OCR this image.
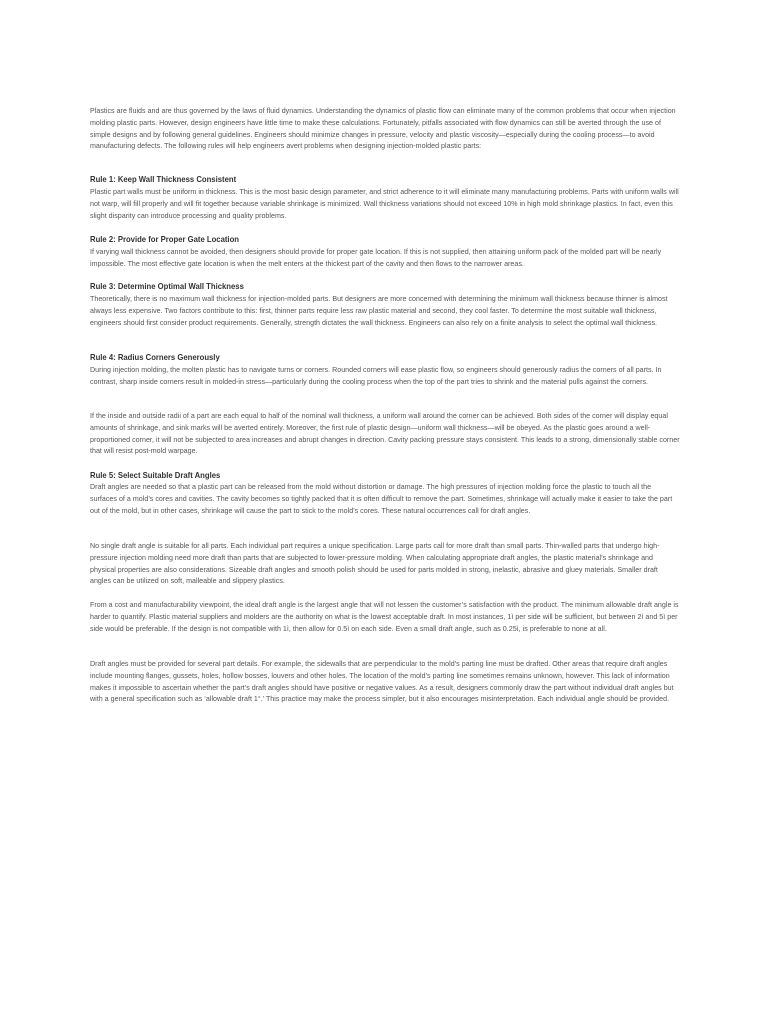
Plastics are fluids and are thus governed by the laws of fluid dynamics. Understanding the dynamics of plastic flow can eliminate many of the common problems that occur when injection molding plastic parts. However, design engineers have little time to make these calculations. Fortunately, pitfalls associated with flow dynamics can still be averted through the use of simple designs and by following general guidelines. Engineers should minimize changes in pressure, velocity and plastic viscosity—especially during the cooling process—to avoid manufacturing defects. The following rules will help engineers avert problems when designing injection-molded plastic parts:

Rule 1: Keep Wall Thickness Consistent

Plastic part walls must be uniform in thickness. This is the most basic design parameter, and strict adherence to it will eliminate many manufacturing problems. Parts with uniform walls will not warp, will fill properly and will fit together because variable shrinkage is minimized. Wall thickness variations should not exceed 10% in high mold shrinkage plastics. In fact, even this slight disparity can introduce processing and quality problems.

Rule 2: Provide for Proper Gate Location

If varying wall thickness cannot be avoided, then designers should provide for proper gate location. If this is not supplied, then attaining uniform pack of the molded part will be nearly impossible. The most effective gate location is when the melt enters at the thickest part of the cavity and then flows to the narrower areas.

Rule 3: Determine Optimal Wall Thickness

Theoretically, there is no maximum wall thickness for injection-molded parts. But designers are more concerned with determining the minimum wall thickness because thinner is almost always less expensive. Two factors contribute to this: first, thinner parts require less raw plastic material and second, they cool faster. To determine the most suitable wall thickness, engineers should first consider product requirements. Generally, strength dictates the wall thickness. Engineers can also rely on a finite analysis to select the optimal wall thickness.

Rule 4: Radius Corners Generously

During injection molding, the molten plastic has to navigate turns or corners. Rounded corners will ease plastic flow, so engineers should generously radius the corners of all parts. In contrast, sharp inside corners result in molded-in stress—particularly during the cooling process when the top of the part tries to shrink and the material pulls against the corners.

If the inside and outside radii of a part are each equal to half of the nominal wall thickness, a uniform wall around the corner can be achieved. Both sides of the corner will display equal amounts of shrinkage, and sink marks will be averted entirely. Moreover, the first rule of plastic design—uniform wall thickness—will be obeyed. As the plastic goes around a well-proportioned corner, it will not be subjected to area increases and abrupt changes in direction. Cavity packing pressure stays consistent. This leads to a strong, dimensionally stable corner that will resist post-mold warpage.

Rule 5: Select Suitable Draft Angles

Draft angles are needed so that a plastic part can be released from the mold without distortion or damage. The high pressures of injection molding force the plastic to touch all the surfaces of a mold’s cores and cavities. The cavity becomes so tightly packed that it is often difficult to remove the part. Sometimes, shrinkage will actually make it easier to take the part out of the mold, but in other cases, shrinkage will cause the part to stick to the mold’s cores. These natural occurrences call for draft angles.

No single draft angle is suitable for all parts. Each individual part requires a unique specification. Large parts call for more draft than small parts. Thin-walled parts that undergo high-pressure injection molding need more draft than parts that are subjected to lower-pressure molding. When calculating appropriate draft angles, the plastic material’s shrinkage and physical properties are also considerations. Sizeable draft angles and smooth polish should be used for parts molded in strong, inelastic, abrasive and gluey materials. Smaller draft angles can be utilized on soft, malleable and slippery plastics.

From a cost and manufacturability viewpoint, the ideal draft angle is the largest angle that will not lessen the customer’s satisfaction with the product. The minimum allowable draft angle is harder to quantify. Plastic material suppliers and molders are the authority on what is the lowest acceptable draft. In most instances, 1ì per side will be sufficient, but between 2ì and 5ì per side would be preferable. If the design is not compatible with 1ì, then allow for 0.5ì on each side. Even a small draft angle, such as 0.25ì, is preferable to none at all.

Draft angles must be provided for several part details. For example, the sidewalls that are perpendicular to the mold’s parting line must be drafted. Other areas that require draft angles include mounting flanges, gussets, holes, hollow bosses, louvers and other holes. The location of the mold’s parting line sometimes remains unknown, however. This lack of information makes it impossible to ascertain whether the part’s draft angles should have positive or negative values. As a result, designers commonly draw the part without individual draft angles but with a general specification such as ‘allowable draft 1°.’ This practice may make the process simpler, but it also encourages misinterpretation. Each individual angle should be provided.
